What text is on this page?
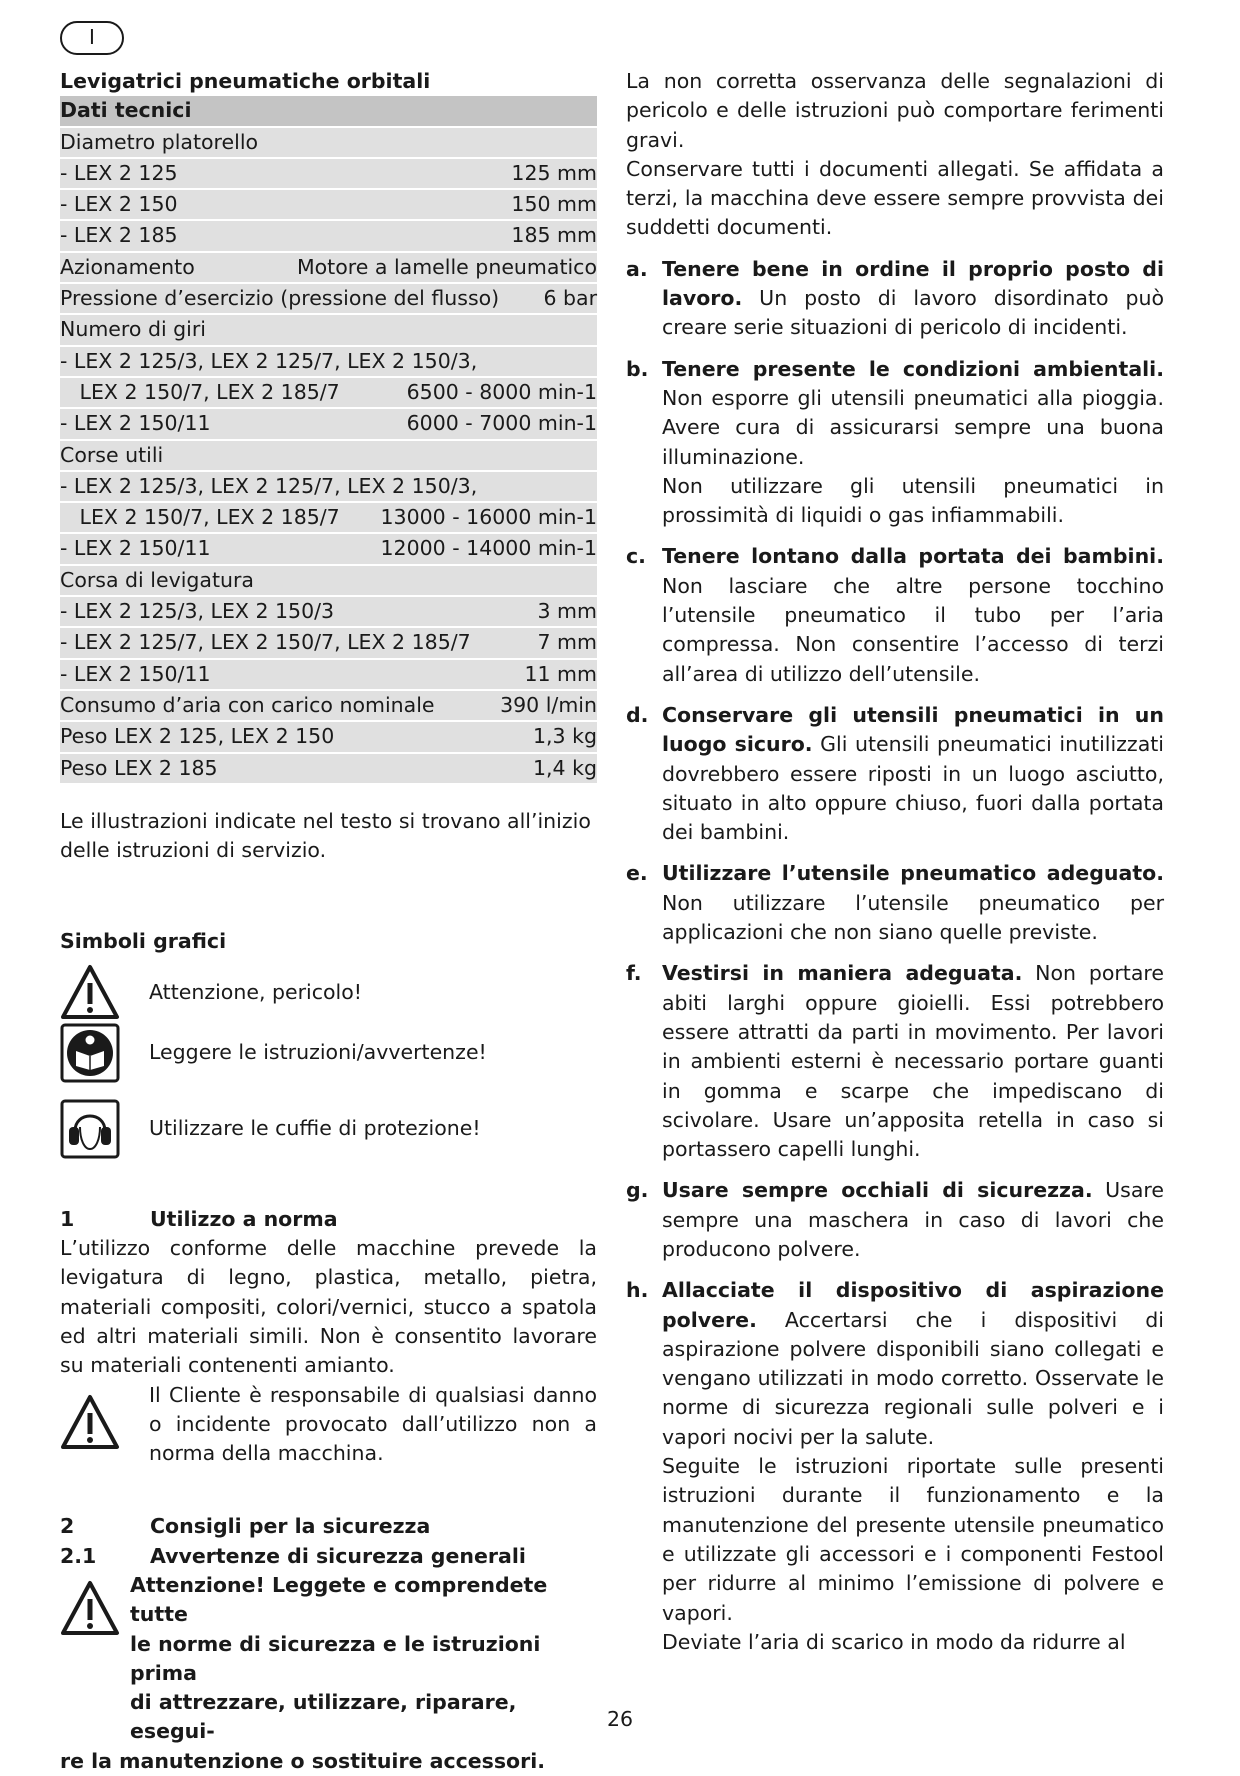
I
Levigatrici pneumatiche orbitali
Dati tecnici
Diametro platorello
- LEX 2 125	125 mm
- LEX 2 150	150 mm
- LEX 2 185	185 mm
Azionamento	Motore a lamelle pneumatico
Pressione d’esercizio (pressione del flusso) 6 bar
Numero di giri
- LEX 2 125/3, LEX 2 125/7, LEX 2 150/3,
LEX 2 150/7, LEX 2 185/7	6500 - 8000 min-1
- LEX 2 150/11	6000 - 7000 min-1
Corse utili
- LEX 2 125/3, LEX 2 125/7, LEX 2 150/3,
LEX 2 150/7, LEX 2 185/7 13000 - 16000 min-1
- LEX 2 150/11	12000 - 14000 min-1
Corsa di levigatura
- LEX 2 125/3, LEX 2 150/3	3 mm
- LEX 2 125/7, LEX 2 150/7, LEX 2 185/7	7 mm
- LEX 2 150/11	11 mm
Consumo d’aria con carico nominale	390 l/min
Peso LEX 2 125, LEX 2 150	1,3 kg
Peso LEX 2 185	1,4 kg

Le illustrazioni indicate nel testo si trovano all’inizio delle istruzioni di servizio.

Simboli grafici
Attenzione, pericolo!
Leggere le istruzioni/avvertenze!
Utilizzare le cuffie di protezione!
1	Utilizzo a norma

L’utilizzo conforme delle macchine prevede la levigatura di legno, plastica, metallo, pietra, materiali compositi, colori/vernici, stucco a spatola ed altri materiali simili. Non è consentito lavorare su materiali contenenti amianto.

Il Cliente è responsabile di qualsiasi danno o incidente provocato dall’utilizzo non a norma della macchina.
2	Consigli per la sicurezza
2.1	Avvertenze di sicurezza generali
Attenzione! Leggete e comprendete tutte
le norme di sicurezza e le istruzioni prima
di attrezzare, utilizzare, riparare, esegui-
re la manutenzione o sostituire accessori.

La non corretta osservanza delle segnalazioni di pericolo e delle istruzioni può comportare ferimenti gravi.

Conservare tutti i documenti allegati. Se affidata a terzi, la macchina deve essere sempre provvista dei suddetti documenti.

a. Tenere bene in ordine il proprio posto di lavoro. Un posto di lavoro disordinato può creare serie situazioni di pericolo di incidenti.
b. Tenere presente le condizioni ambientali. Non esporre gli utensili pneumatici alla pioggia. Avere cura di assicurarsi sempre una buona illuminazione.
Non utilizzare gli utensili pneumatici in prossimità di liquidi o gas infiammabili.
c. Tenere lontano dalla portata dei bambini. Non lasciare che altre persone tocchino l’utensile pneumatico il tubo per l’aria compressa. Non consentire l’accesso di terzi all’area di utilizzo dell’utensile.
d. Conservare gli utensili pneumatici in un luogo sicuro. Gli utensili pneumatici inutilizzati dovrebbero essere riposti in un luogo asciutto, situato in alto oppure chiuso, fuori dalla portata dei bambini.
e. Utilizzare l’utensile pneumatico adeguato. Non utilizzare l’utensile pneumatico per applicazioni che non siano quelle previste.
f. Vestirsi in maniera adeguata. Non portare abiti larghi oppure gioielli. Essi potrebbero essere attratti da parti in movimento. Per lavori in ambienti esterni è necessario portare guanti in gomma e scarpe che impediscano di scivolare. Usare un’apposita retella in caso si portassero capelli lunghi.
g. Usare sempre occhiali di sicurezza. Usare sempre una maschera in caso di lavori che producono polvere.
h. Allacciate il dispositivo di aspirazione polvere. Accertarsi che i dispositivi di aspirazione polvere disponibili siano collegati e vengano utilizzati in modo corretto. Osservate le norme di sicurezza regionali sulle polveri e i vapori nocivi per la salute.
Seguite le istruzioni riportate sulle presenti istruzioni durante il funzionamento e la manutenzione del presente utensile pneumatico e utilizzate gli accessori e i componenti Festool per ridurre al minimo l’emissione di polvere e vapori.
Deviate l’aria di scarico in modo da ridurre al
26
